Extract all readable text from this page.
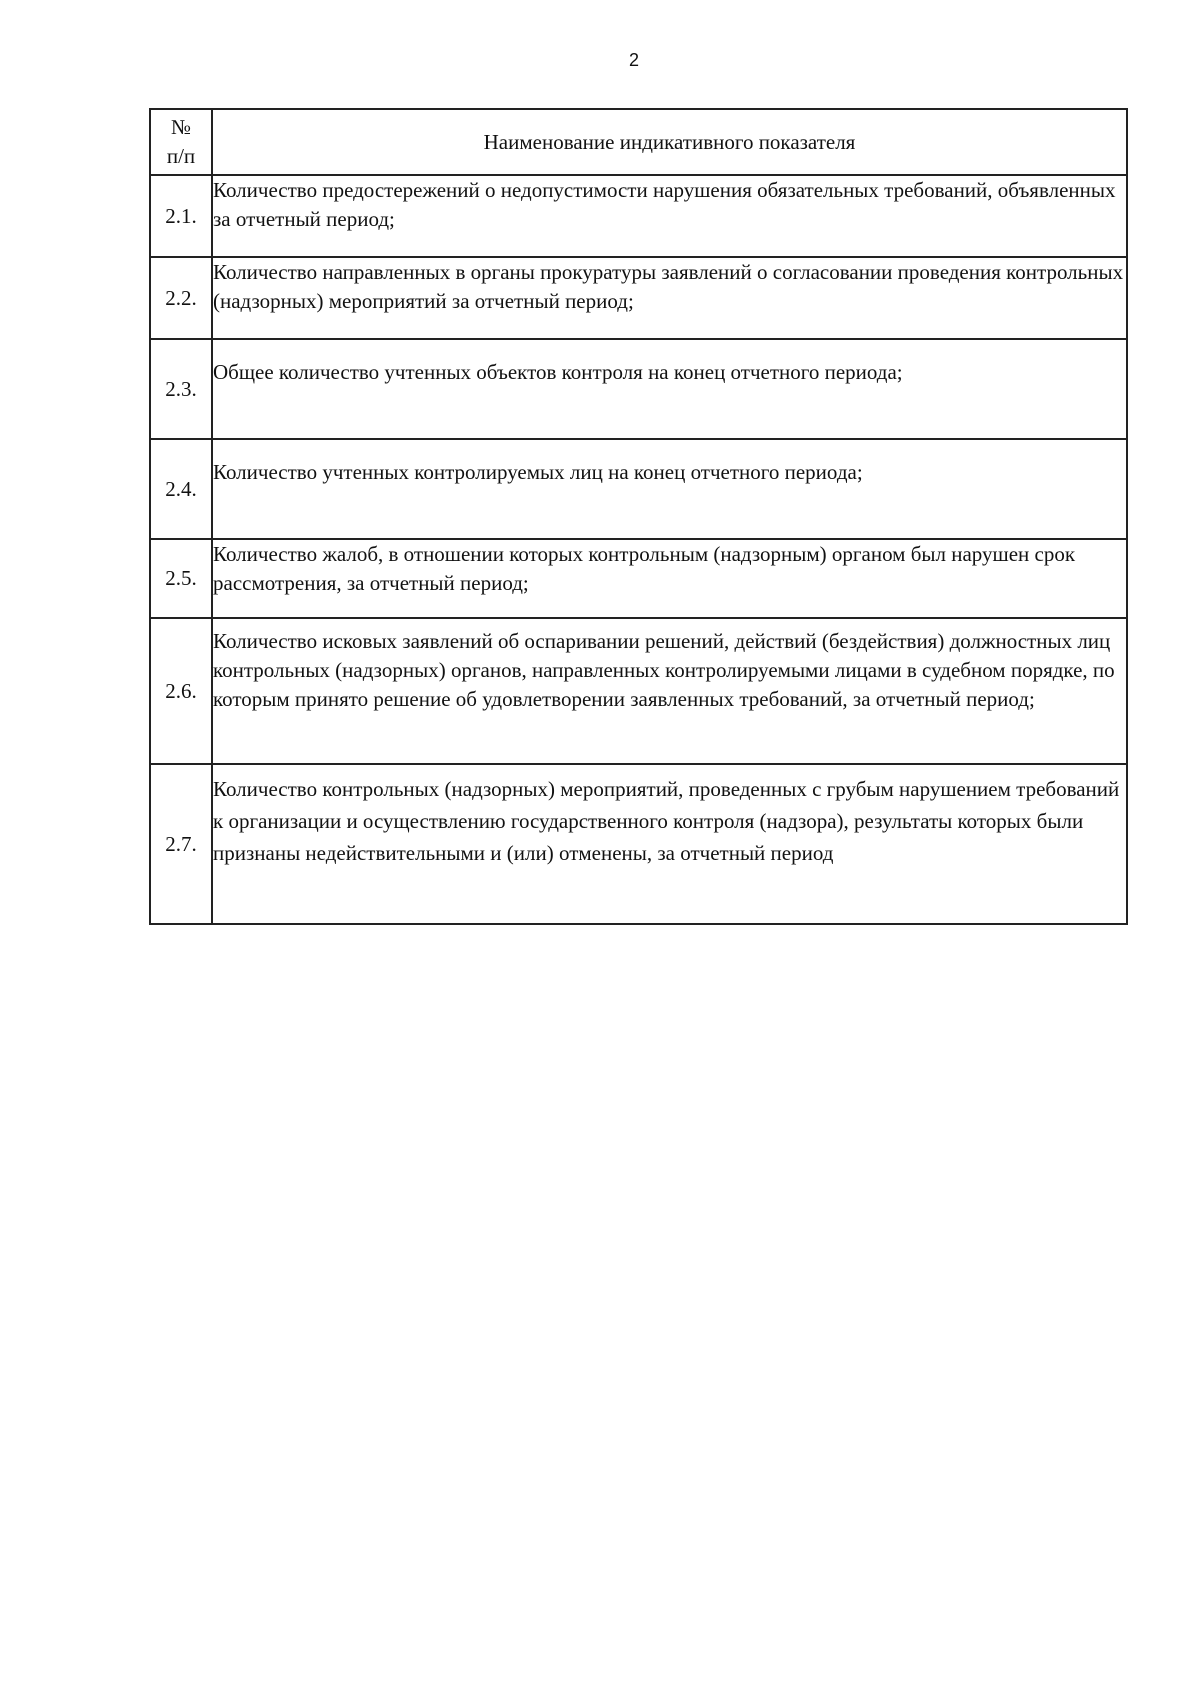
2
№
п/п	Наименование индикативного показателя
2.1.	Количество предостережений о недопустимости нарушения обязательных требований, объявленных за отчетный период;
2.2.	Количество направленных в органы прокуратуры заявлений о согласовании проведения контрольных (надзорных) мероприятий за отчетный период;
2.3.	Общее количество учтенных объектов контроля на конец отчетного периода;
2.4.	Количество учтенных контролируемых лиц на конец отчетного периода;
2.5.	Количество жалоб, в отношении которых контрольным (надзорным) органом был нарушен срок рассмотрения, за отчетный период;
2.6.	Количество исковых заявлений об оспаривании решений, действий (бездействия) должностных лиц контрольных (надзорных) органов, направленных контролируемыми лицами в судебном порядке, по которым принято решение об удовлетворении заявленных требований, за отчетный период;
2.7.	Количество контрольных (надзорных) мероприятий, проведенных с грубым нарушением требований к организации и осуществлению государственного контроля (надзора), результаты которых были признаны недействительными и (или) отменены, за отчетный период
